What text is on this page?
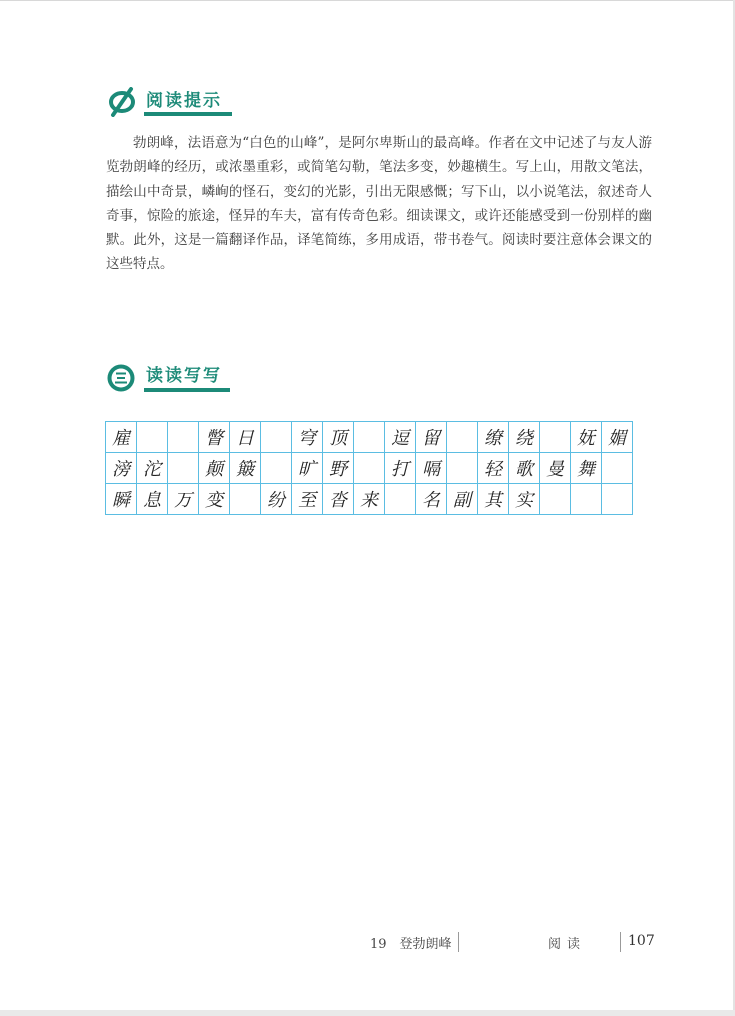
阅读提示

勃朗峰，法语意为“白色的山峰”，是阿尔卑斯山的最高峰。作者在文中记述了与友人游览勃朗峰的经历，或浓墨重彩，或简笔勾勒，笔法多变，妙趣横生。写上山，用散文笔法，描绘山中奇景，嶙峋的怪石，变幻的光影，引出无限感慨；写下山，以小说笔法，叙述奇人奇事，惊险的旅途，怪异的车夫，富有传奇色彩。细读课文，或许还能感受到一份别样的幽默。此外，这是一篇翻译作品，译笔简练，多用成语，带书卷气。阅读时要注意体会课文的这些特点。

读读写写
雇			瞥	日		穹	顶		逗	留		缭	绕		妩	媚
滂	沱		颠	簸		旷	野		打	嗝		轻	歌	曼	舞	
瞬	息	万	变		纷	至	沓	来		名	副	其	实			
19　登勃朗峰	阅读	107
